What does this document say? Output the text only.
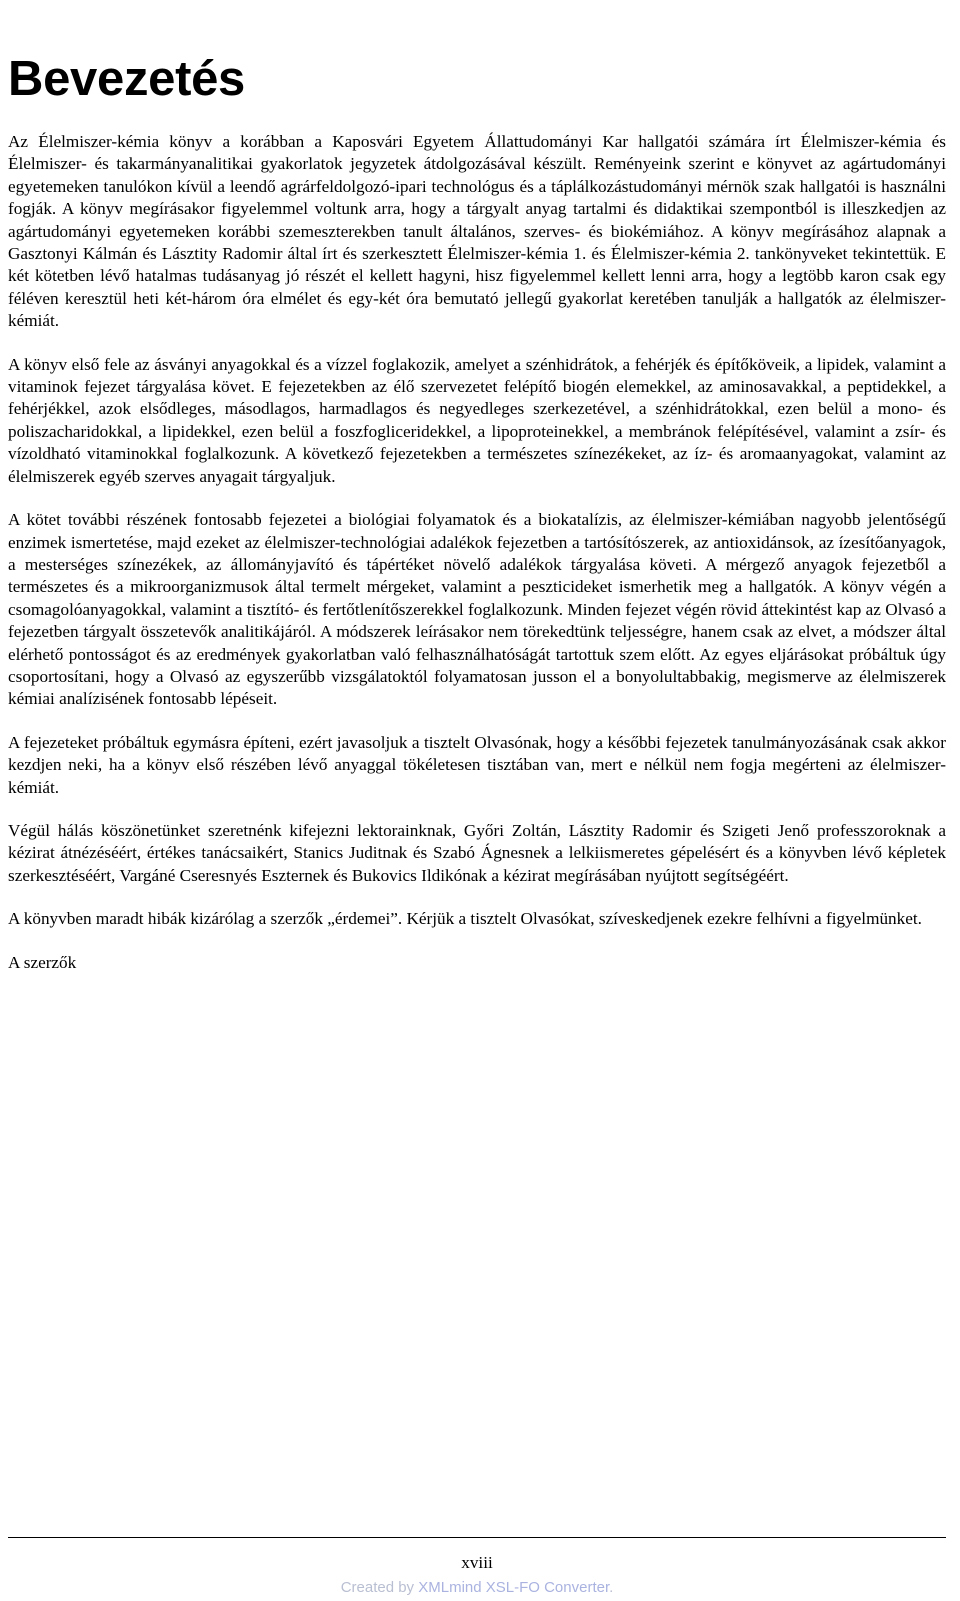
Bevezetés

Az Élelmiszer-kémia könyv a korábban a Kaposvári Egyetem Állattudományi Kar hallgatói számára írt Élelmiszer-kémia és Élelmiszer- és takarmányanalitikai gyakorlatok jegyzetek átdolgozásával készült. Reményeink szerint e könyvet az agártudományi egyetemeken tanulókon kívül a leendő agrárfeldolgozó-ipari technológus és a táplálkozástudományi mérnök szak hallgatói is használni fogják. A könyv megírásakor figyelemmel voltunk arra, hogy a tárgyalt anyag tartalmi és didaktikai szempontból is illeszkedjen az agártudományi egyetemeken korábbi szemeszterekben tanult általános, szerves- és biokémiához. A könyv megírásához alapnak a Gasztonyi Kálmán és Lásztity Radomir által írt és szerkesztett Élelmiszer-kémia 1. és Élelmiszer-kémia 2. tankönyveket tekintettük. E két kötetben lévő hatalmas tudásanyag jó részét el kellett hagyni, hisz figyelemmel kellett lenni arra, hogy a legtöbb karon csak egy féléven keresztül heti két-három óra elmélet és egy-két óra bemutató jellegű gyakorlat keretében tanulják a hallgatók az élelmiszer-kémiát.

A könyv első fele az ásványi anyagokkal és a vízzel foglakozik, amelyet a szénhidrátok, a fehérjék és építőköveik, a lipidek, valamint a vitaminok fejezet tárgyalása követ. E fejezetekben az élő szervezetet felépítő biogén elemekkel, az aminosavakkal, a peptidekkel, a fehérjékkel, azok elsődleges, másodlagos, harmadlagos és negyedleges szerkezetével, a szénhidrátokkal, ezen belül a mono- és poliszacharidokkal, a lipidekkel, ezen belül a foszfogliceridekkel, a lipoproteinekkel, a membránok felépítésével, valamint a zsír- és vízoldható vitaminokkal foglalkozunk. A következő fejezetekben a természetes színezékeket, az íz- és aromaanyagokat, valamint az élelmiszerek egyéb szerves anyagait tárgyaljuk.

A kötet további részének fontosabb fejezetei a biológiai folyamatok és a biokatalízis, az élelmiszer-kémiában nagyobb jelentőségű enzimek ismertetése, majd ezeket az élelmiszer-technológiai adalékok fejezetben a tartósítószerek, az antioxidánsok, az ízesítőanyagok, a mesterséges színezékek, az állományjavító és tápértéket növelő adalékok tárgyalása követi. A mérgező anyagok fejezetből a természetes és a mikroorganizmusok által termelt mérgeket, valamint a peszticideket ismerhetik meg a hallgatók. A könyv végén a csomagolóanyagokkal, valamint a tisztító- és fertőtlenítőszerekkel foglalkozunk. Minden fejezet végén rövid áttekintést kap az Olvasó a fejezetben tárgyalt összetevők analitikájáról. A módszerek leírásakor nem törekedtünk teljességre, hanem csak az elvet, a módszer által elérhető pontosságot és az eredmények gyakorlatban való felhasználhatóságát tartottuk szem előtt. Az egyes eljárásokat próbáltuk úgy csoportosítani, hogy a Olvasó az egyszerűbb vizsgálatoktól folyamatosan jusson el a bonyolultabbakig, megismerve az élelmiszerek kémiai analízisének fontosabb lépéseit.

A fejezeteket próbáltuk egymásra építeni, ezért javasoljuk a tisztelt Olvasónak, hogy a későbbi fejezetek tanulmányozásának csak akkor kezdjen neki, ha a könyv első részében lévő anyaggal tökéletesen tisztában van, mert e nélkül nem fogja megérteni az élelmiszer-kémiát.

Végül hálás köszönetünket szeretnénk kifejezni lektorainknak, Győri Zoltán, Lásztity Radomir és Szigeti Jenő professzoroknak a kézirat átnézéséért, értékes tanácsaikért, Stanics Juditnak és Szabó Ágnesnek a lelkiismeretes gépelésért és a könyvben lévő képletek szerkesztéséért, Vargáné Cseresnyés Eszternek és Bukovics Ildikónak a kézirat megírásában nyújtott segítségéért.

A könyvben maradt hibák kizárólag a szerzők „érdemei”. Kérjük a tisztelt Olvasókat, szíveskedjenek ezekre felhívni a figyelmünket.

A szerzők

xviii
Created by XMLmind XSL-FO Converter.
